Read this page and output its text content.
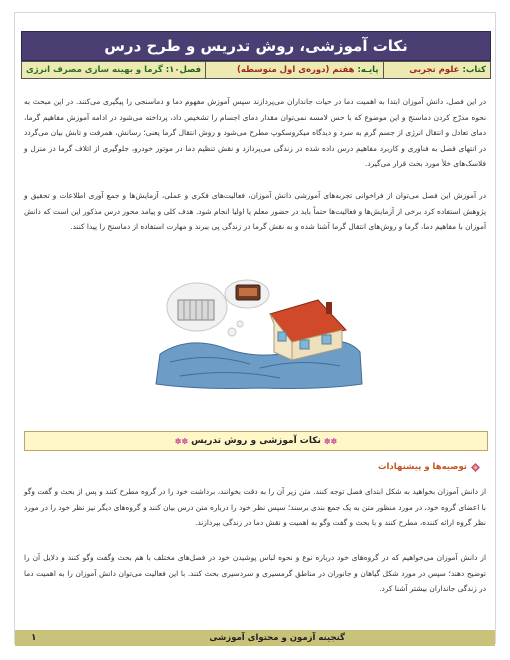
نکات آموزشی، روش تدریس و طرح درس
کتاب:

علوم تجربی
پایـه:

هفتم (دوره‌ی اول متوسطه)
فصل۱۰:

گرما و بهینه سازی مصرف انرژی

در این فصل، دانش آموزان ابتدا به اهمیت دما در حیات جانداران می‌پردازند سپس آموزش مفهوم دما و دماسنجی را پیگیری می‌کنند. در این مبحث به نحوه مدرّج کردن دماسنج و این موضوع که با حس لامسه نمی‌توان مقدار دمای اجسام را تشخیص داد، پرداخته می‌شود در ادامه آموزش مفاهیم گرما، دمای تعادل و انتقال انرژی از جسم گرم به سرد و دیدگاه میکروسکوپ مطرح می‌شود و روش انتقال گرما یعنی؛ رسانش، همرفت و تابش بیان می‌گردد در انتهای فصل به فناوری و کاربرد مفاهیم درس داده شده در زندگی می‌پردازد و نقش تنظیم دما در موتور خودرو، جلوگیری از اتلاف گرما در منزل و فلاسک‌های خلأ مورد بحث قرار می‌گیرد.

در آموزش این فصل می‌توان از فراخوانی تجربه‌های آموزشی دانش آموزان، فعالیت‌های فکری و عملی، آزمایش‌ها و جمع آوری اطلاعات و تحقیق و پژوهش استفاده کرد برخی از آزمایش‌ها و فعالیت‌ها حتماً باید در حضور معلم یا اولیا انجام شود. هدف کلی و پیامد محور درس مذکور این است که دانش آموزان با مفاهیم دما، گرما و روش‌های انتقال گرما آشنا شده و به نقش گرما در زندگی پی ببرند و مهارت استفاده از دماسنج را پیدا کنند.

✽✽
نکات آموزشی و روش تدریس
✽✽
توصیه‌ها و پیشنهادات

از دانش آموزان بخواهید به شکل ابتدای فصل توجه کنند. متن زیر آن را به دقت بخوانند، برداشت خود را در گروه مطرح کنند و پس از بحث و گفت وگو با اعضای گروه خود، در مورد منظور متن به یک جمع بندی برسند؛ سپس نظر خود را درباره متن درس بیان کنند و گروه‌های دیگر نیز نظر خود را در مورد نظر گروه ارائه کننده، مطرح کنند و با بحث و گفت وگو به اهمیت و نقش دما در زندگی بپردازند.

از دانش آموزان می‌خواهیم که در گروه‌های خود درباره نوع و نحوه لباس پوشیدن خود در فصل‌های مختلف با هم بحث وگفت وگو کنند و دلایل آن را توضیح دهند؛ سپس در مورد شکل گیاهان و جانوران در مناطق گرمسیری و سردسیری بحث کنند. با این فعالیت می‌توان دانش آموزان را به اهمیت دما در زندگی جانداران بیشتر آشنا کرد.

گنجینه آزمون و محتوای آموزشی
۱
